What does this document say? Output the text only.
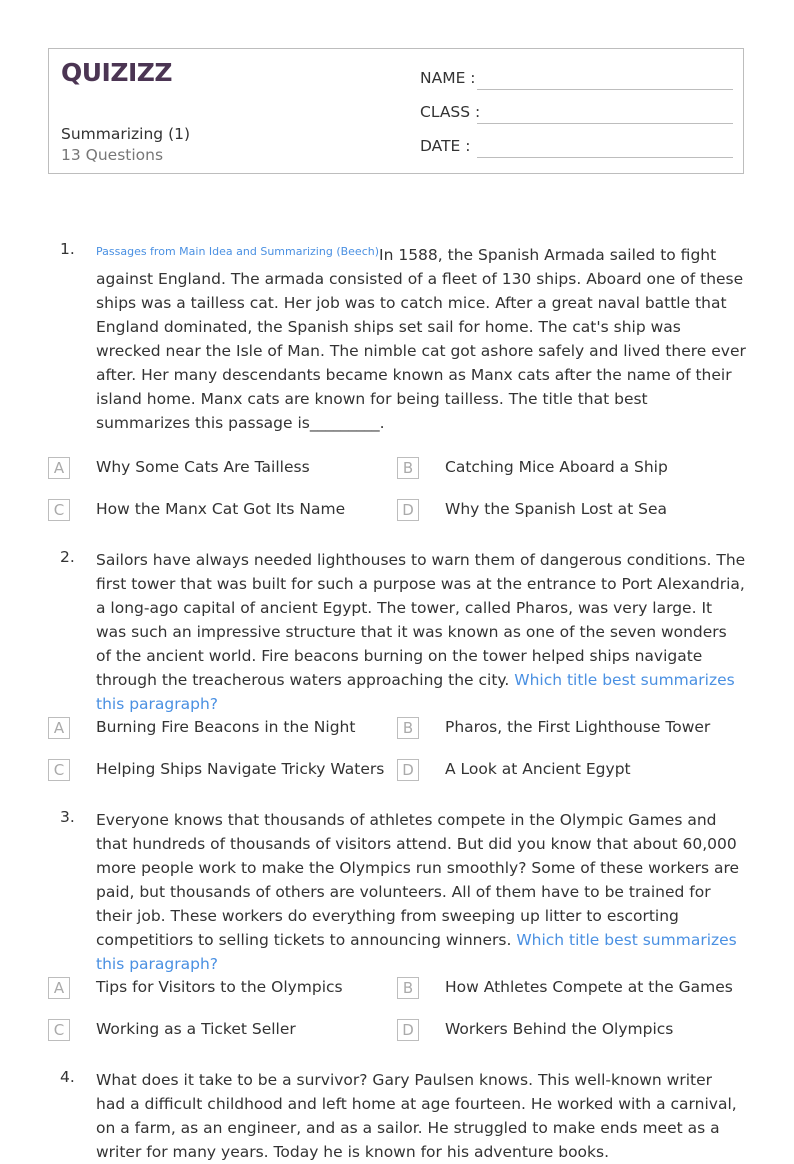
QUIZIZZ
Summarizing (1)
13 Questions
NAME :
CLASS :
DATE :
1. $^{Passages from Main Idea and Summarizing (Beech)}$In 1588, the Spanish Armada sailed to fight against England. The armada consisted of a fleet of 130 ships. Aboard one of these ships was a tailless cat. Her job was to catch mice. After a great naval battle that England dominated, the Spanish ships set sail for home. The cat's ship was wrecked near the Isle of Man. The nimble cat got ashore safely and lived there ever after. Her many descendants became known as Manx cats after the name of their island home. Manx cats are known for being tailless. The title that best summarizes this passage is_________.
A	Why Some Cats Are Tailless	B	Catching Mice Aboard a Ship
C	How the Manx Cat Got Its Name	D	Why the Spanish Lost at Sea
2. Sailors have always needed lighthouses to warn them of dangerous conditions. The first tower that was built for such a purpose was at the entrance to Port Alexandria, a long-ago capital of ancient Egypt. The tower, called Pharos, was very large. It was such an impressive structure that it was known as one of the seven wonders of the ancient world. Fire beacons burning on the tower helped ships navigate through the treacherous waters approaching the city. Which title best summarizes this paragraph?
A	Burning Fire Beacons in the Night	B	Pharos, the First Lighthouse Tower
C	Helping Ships Navigate Tricky Waters	D	A Look at Ancient Egypt
3. Everyone knows that thousands of athletes compete in the Olympic Games and that hundreds of thousands of visitors attend. But did you know that about 60,000 more people work to make the Olympics run smoothly? Some of these workers are paid, but thousands of others are volunteers. All of them have to be trained for their job. These workers do everything from sweeping up litter to escorting competitiors to selling tickets to announcing winners. Which title best summarizes this paragraph?
A	Tips for Visitors to the Olympics	B	How Athletes Compete at the Games
C	Working as a Ticket Seller	D	Workers Behind the Olympics
4. What does it take to be a survivor? Gary Paulsen knows. This well-known writer had a difficult childhood and left home at age fourteen. He worked with a carnival, on a farm, as an engineer, and as a sailor. He struggled to make ends meet as a writer for many years. Today he is known for his adventure books.
